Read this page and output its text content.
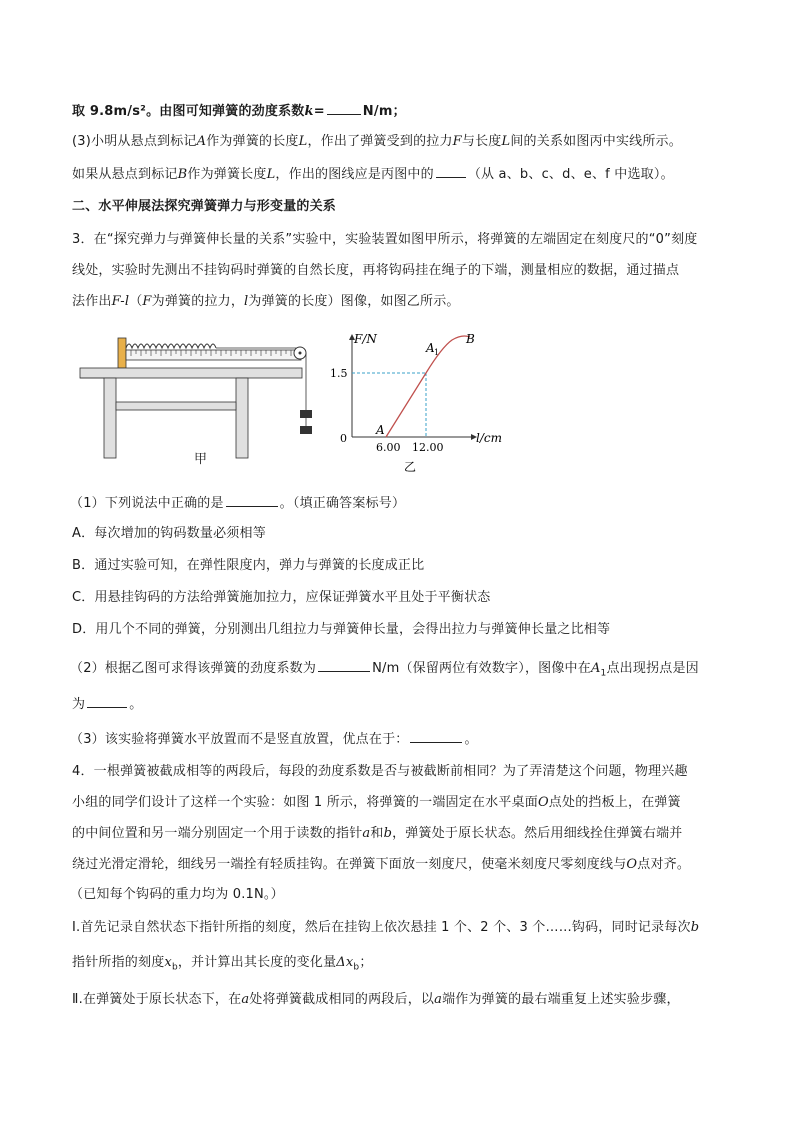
取 9.8m/s²。由图可知弹簧的劲度系数k=	N/m；
(3)小明从悬点到标记A作为弹簧的长度L，作出了弹簧受到的拉力F与长度L间的关系如图丙中实线所示。
如果从悬点到标记B作为弹簧长度L，作出的图线应是丙图中的	（从 a、b、c、d、e、f 中选取）。
二、水平伸展法探究弹簧弹力与形变量的关系
3．在“探究弹力与弹簧伸长量的关系”实验中，实验装置如图甲所示，将弹簧的左端固定在刻度尺的“0”刻度
线处，实验时先测出不挂钩码时弹簧的自然长度，再将钩码挂在绳子的下端，测量相应的数据，通过描点
法作出F-l（F为弹簧的拉力，l为弹簧的长度）图像，如图乙所示。
甲
F/N
l/cm
0
1.5
6.00 12.00
A
A 1
B
乙
（1）下列说法中正确的是	。（填正确答案标号）
A．每次增加的钩码数量必须相等
B．通过实验可知，在弹性限度内，弹力与弹簧的长度成正比
C．用悬挂钩码的方法给弹簧施加拉力，应保证弹簧水平且处于平衡状态
D．用几个不同的弹簧，分别测出几组拉力与弹簧伸长量，会得出拉力与弹簧伸长量之比相等
（2）根据乙图可求得该弹簧的劲度系数为	N/m（保留两位有效数字），图像中在$A_1$点出现拐点是因
为	。
（3）该实验将弹簧水平放置而不是竖直放置，优点在于：	。
4．一根弹簧被截成相等的两段后，每段的劲度系数是否与被截断前相同？为了弄清楚这个问题，物理兴趣
小组的同学们设计了这样一个实验：如图 1 所示，将弹簧的一端固定在水平桌面O点处的挡板上，在弹簧
的中间位置和另一端分别固定一个用于读数的指针a和b，弹簧处于原长状态。然后用细线拴住弹簧右端并
绕过光滑定滑轮，细线另一端拴有轻质挂钩。在弹簧下面放一刻度尺，使毫米刻度尺零刻度线与O点对齐。
（已知每个钩码的重力均为 0.1N。）
Ⅰ.首先记录自然状态下指针所指的刻度，然后在挂钩上依次悬挂 1 个、2 个、3 个……钩码，同时记录每次b
指针所指的刻度$x_b$，并计算出其长度的变化量$\Delta x_b$；
Ⅱ.在弹簧处于原长状态下，在a处将弹簧截成相同的两段后，以a端作为弹簧的最右端重复上述实验步骤，
